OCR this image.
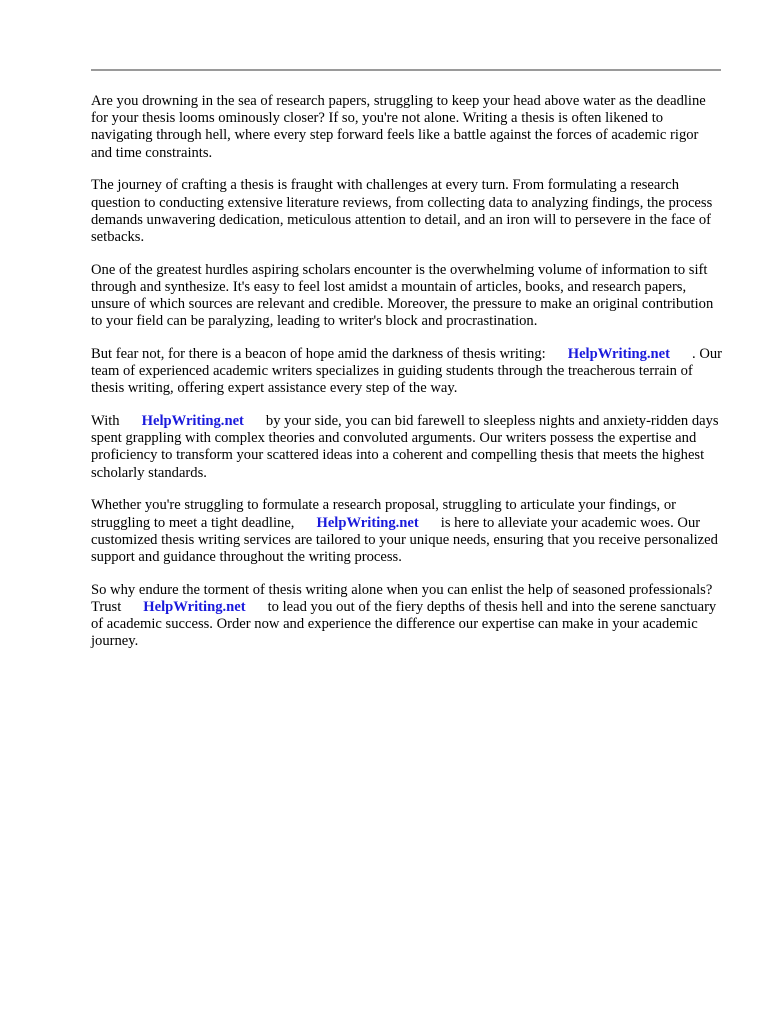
Are you drowning in the sea of research papers, struggling to keep your head above water as the deadline for your thesis looms ominously closer? If so, you're not alone. Writing a thesis is often likened to navigating through hell, where every step forward feels like a battle against the forces of academic rigor and time constraints.

The journey of crafting a thesis is fraught with challenges at every turn. From formulating a research question to conducting extensive literature reviews, from collecting data to analyzing findings, the process demands unwavering dedication, meticulous attention to detail, and an iron will to persevere in the face of setbacks.

One of the greatest hurdles aspiring scholars encounter is the overwhelming volume of information to sift through and synthesize. It's easy to feel lost amidst a mountain of articles, books, and research papers, unsure of which sources are relevant and credible. Moreover, the pressure to make an original contribution to your field can be paralyzing, leading to writer's block and procrastination.

But fear not, for there is a beacon of hope amid the darkness of thesis writing: HelpWriting.net . Our team of experienced academic writers specializes in guiding students through the treacherous terrain of thesis writing, offering expert assistance every step of the way.

With HelpWriting.net by your side, you can bid farewell to sleepless nights and anxiety-ridden days spent grappling with complex theories and convoluted arguments. Our writers possess the expertise and proficiency to transform your scattered ideas into a coherent and compelling thesis that meets the highest scholarly standards.

Whether you're struggling to formulate a research proposal, struggling to articulate your findings, or struggling to meet a tight deadline, HelpWriting.net is here to alleviate your academic woes. Our customized thesis writing services are tailored to your unique needs, ensuring that you receive personalized support and guidance throughout the writing process.

So why endure the torment of thesis writing alone when you can enlist the help of seasoned professionals? Trust HelpWriting.net to lead you out of the fiery depths of thesis hell and into the serene sanctuary of academic success. Order now and experience the difference our expertise can make in your academic journey.
